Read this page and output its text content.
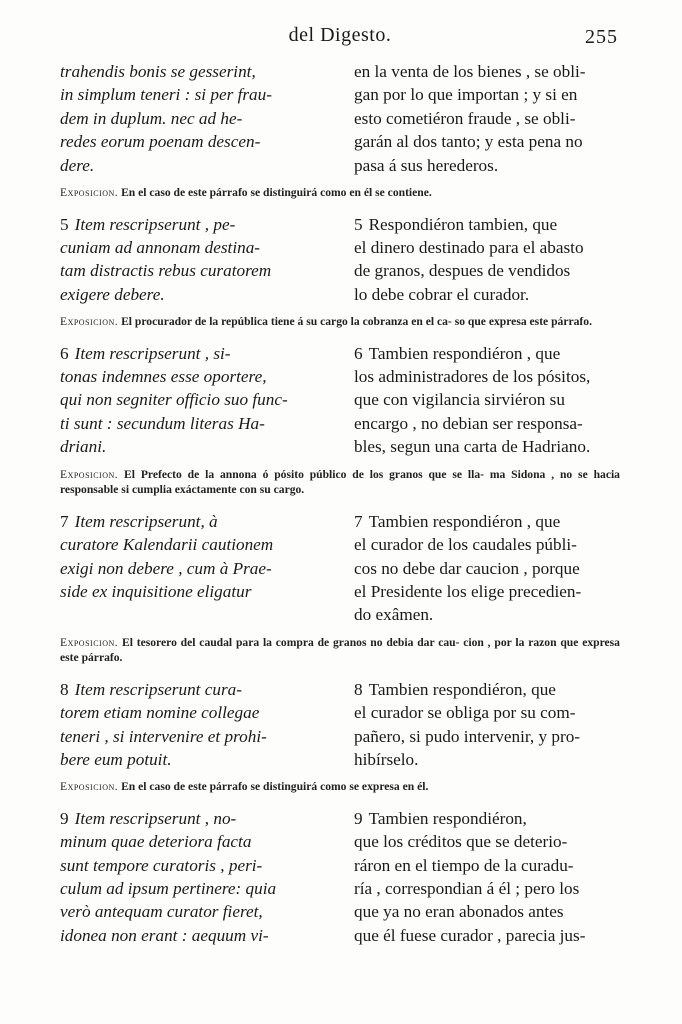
del Digesto.	255

trahendis bonis se gesserint,
in simplum teneri : si per frau-
dem in duplum. nec ad he-
redes eorum poenam descen-
dere.

en la venta de los bienes , se obli-
gan por lo que importan ; y si en
esto cometiéron fraude , se obli-
garán al dos tanto; y esta pena no
pasa á sus herederos.

Exposicion. En el caso de este párrafo se distinguirá como en él se contiene.

5 Item rescripserunt , pe-
cuniam ad annonam destina-
tam distractis rebus curatorem
exigere debere.

5 Respondiéron tambien, que
el dinero destinado para el abasto
de granos, despues de vendidos
lo debe cobrar el curador.

Exposicion. El procurador de la república tiene á su cargo la cobranza en el ca- so que expresa este párrafo.

6 Item rescripserunt , si-
tonas indemnes esse oportere,
qui non segniter officio suo func-
ti sunt : secundum literas Ha-
driani.

6 Tambien respondiéron , que
los administradores de los pósitos,
que con vigilancia sirviéron su
encargo , no debian ser responsa-
bles, segun una carta de Hadriano.

Exposicion. El Prefecto de la annona ó pósito público de los granos que se lla- ma Sidona , no se hacia responsable si cumplia exáctamente con su cargo.

7 Item rescripserunt, à
curatore Kalendarii cautionem
exigi non debere , cum à Prae-
side ex inquisitione eligatur

7 Tambien respondiéron , que
el curador de los caudales públi-
cos no debe dar caucion , porque
el Presidente los elige precedien-
do exâmen.

Exposicion. El tesorero del caudal para la compra de granos no debia dar cau- cion , por la razon que expresa este párrafo.

8 Item rescripserunt cura-
torem etiam nomine collegae
teneri , si intervenire et prohi-
bere eum potuit.

8 Tambien respondiéron, que
el curador se obliga por su com-
pañero, si pudo intervenir, y pro-
hibírselo.

Exposicion. En el caso de este párrafo se distinguirá como se expresa en él.

9 Item rescripserunt , no-
minum quae deteriora facta
sunt tempore curatoris , peri-
culum ad ipsum pertinere: quia
verò antequam curator fieret,
idonea non erant : aequum vi-

9 Tambien respondiéron,
que los créditos que se deterio-
ráron en el tiempo de la curadu-
ría , correspondian á él ; pero los
que ya no eran abonados antes
que él fuese curador , parecia jus-
